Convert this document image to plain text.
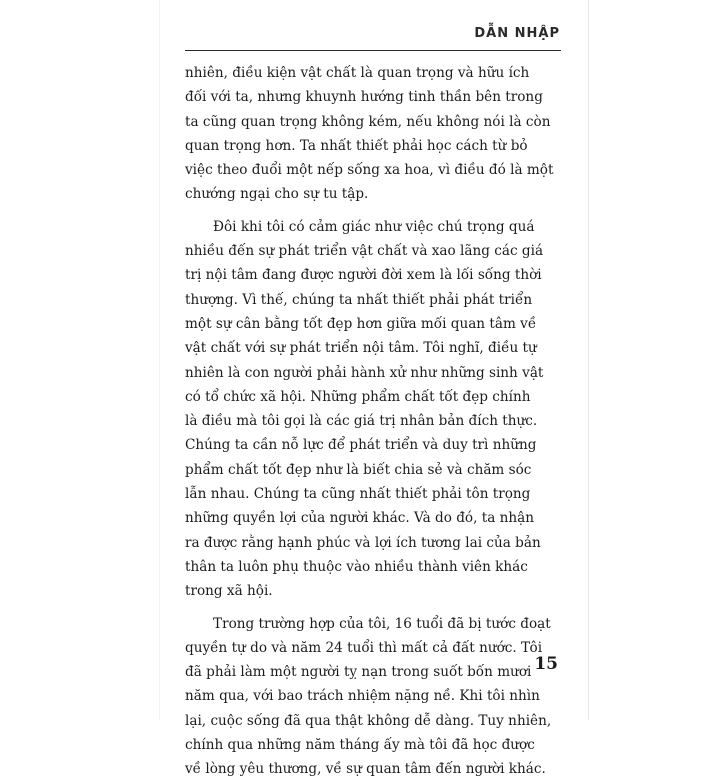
DẪN NHẬP

nhiên, điều kiện vật chất là quan trọng và hữu ích
đối với ta, nhưng khuynh hướng tinh thần bên trong
ta cũng quan trọng không kém, nếu không nói là còn
quan trọng hơn. Ta nhất thiết phải học cách từ bỏ
việc theo đuổi một nếp sống xa hoa, vì điều đó là một
chướng ngại cho sự tu tập.

Đôi khi tôi có cảm giác như việc chú trọng quá
nhiều đến sự phát triển vật chất và xao lãng các giá
trị nội tâm đang được người đời xem là lối sống thời
thượng. Vì thế, chúng ta nhất thiết phải phát triển
một sự cân bằng tốt đẹp hơn giữa mối quan tâm về
vật chất với sự phát triển nội tâm. Tôi nghĩ, điều tự
nhiên là con người phải hành xử như những sinh vật
có tổ chức xã hội. Những phẩm chất tốt đẹp chính
là điều mà tôi gọi là các giá trị nhân bản đích thực.
Chúng ta cần nỗ lực để phát triển và duy trì những
phẩm chất tốt đẹp như là biết chia sẻ và chăm sóc
lẫn nhau. Chúng ta cũng nhất thiết phải tôn trọng
những quyền lợi của người khác. Và do đó, ta nhận
ra được rằng hạnh phúc và lợi ích tương lai của bản
thân ta luôn phụ thuộc vào nhiều thành viên khác
trong xã hội.

Trong trường hợp của tôi, 16 tuổi đã bị tước đoạt
quyền tự do và năm 24 tuổi thì mất cả đất nước. Tôi
đã phải làm một người tỵ nạn trong suốt bốn mươi
năm qua, với bao trách nhiệm nặng nề. Khi tôi nhìn
lại, cuộc sống đã qua thật không dễ dàng. Tuy nhiên,
chính qua những năm tháng ấy mà tôi đã học được
về lòng yêu thương, về sự quan tâm đến người khác.

15
